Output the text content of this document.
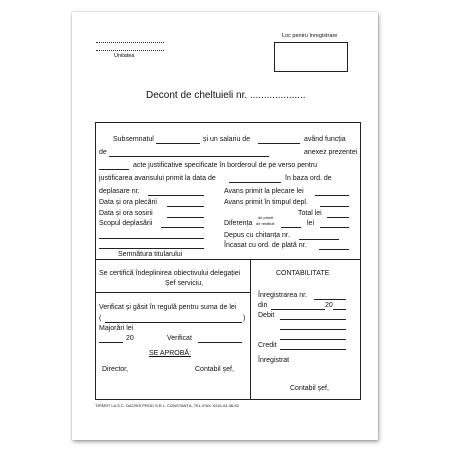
Unitatea
Loc pentru înregistrare
Decont de cheltuieli nr. ....................
Subsemnatul	și un salariu de	având funcția
de	anexez prezentei
acte justificative specificate în borderoul de pe verso pentru
justificarea avansului primit la data de	în baza ord. de
deplasare nr.	Avans primit la plecare lei
Data și ora plecării	Avans primit în timpul depl.
Data și ora sosirii	Total lei
Scopul deplasării
de primit
de restituit
Diferența	lei
Depus cu chitanța nr.
Încasat cu ord. de plată nr.
Semnătura titularului
Se certifică îndeplinirea obiectivului delegației
Șef serviciu,
Verificat și găsit în regulă pentru suma de lei
(	)
Majorări lei
20	Verificat
SE APROBĂ:
Director,	Contabil șef,
CONTABILITATE
Înregistrarea nr.
din	20
Debit
Credit
Înregistrat
Contabil șef,
TIPĂRIT LA S.C. DACRIS PROD S.R.L. CONSTANȚA, TEL./FAX: 0241-61.36.82
